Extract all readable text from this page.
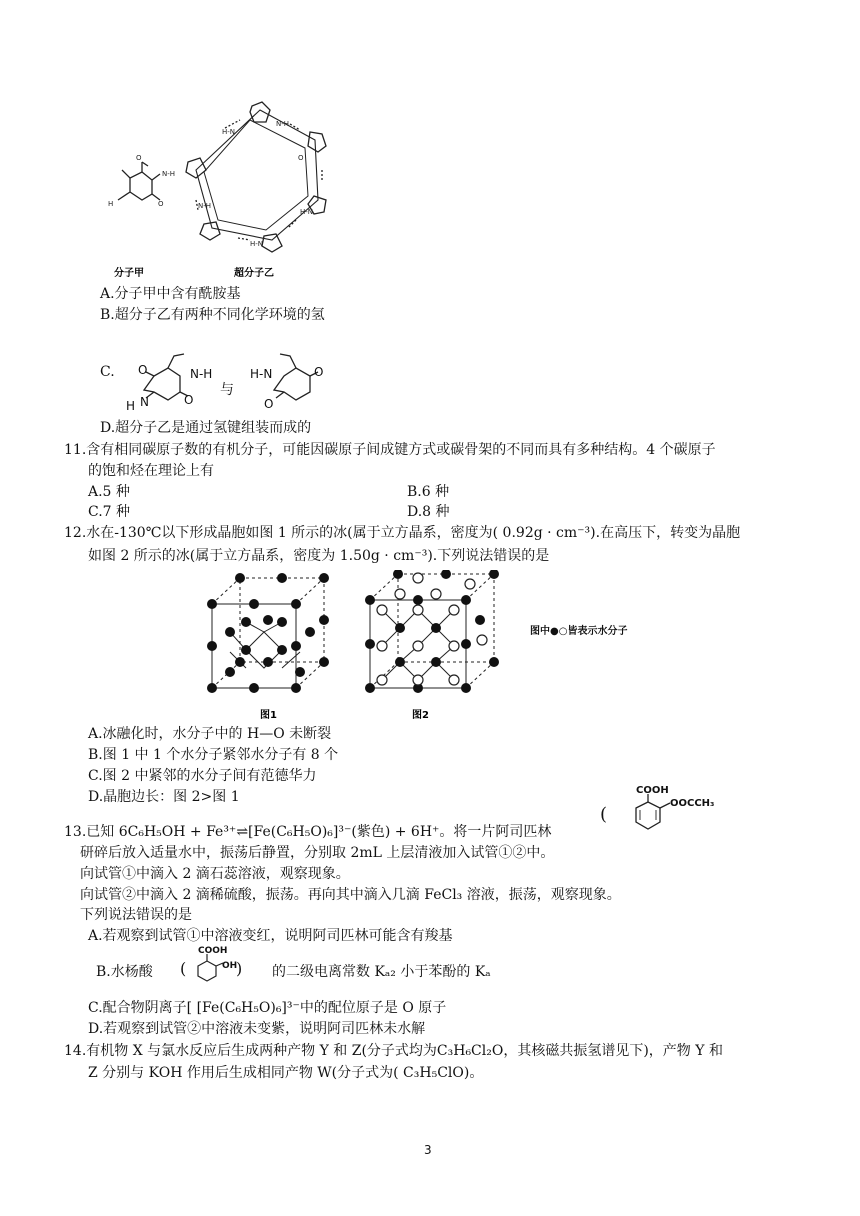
H
N-H
O
O
H-N
N-H
O
H-N
H-N
N-H
分子甲	超分子乙
A.分子甲中含有酰胺基
B.超分子乙有两种不同化学环境的氢
C. O	N-H
H N	O
H-N	O
O
与
D.超分子乙是通过氢键组装而成的
11.含有相同碳原子数的有机分子，可能因碳原子间成键方式或碳骨架的不同而具有多种结构。4 个碳原子
的饱和烃在理论上有
A.5 种	B.6 种
C.7 种	D.8 种
12.水在-130℃以下形成晶胞如图 1 所示的冰(属于立方晶系，密度为( 0.92g · cm⁻³).在高压下，转变为晶胞
如图 2 所示的冰(属于立方晶系，密度为 1.50g · cm⁻³).下列说法错误的是
图1	图2
图中●○皆表示水分子
A.冰融化时，水分子中的 H—O 未断裂
B.图 1 中 1 个水分子紧邻水分子有 8 个
C.图 2 中紧邻的水分子间有范德华力
D.晶胞边长：图 2>图 1
13.已知 6C₆H₅OH + Fe³⁺⇌[Fe(C₆H₅O)₆]³⁻(紫色) + 6H⁺。将一片阿司匹林
(
COOH
OOCCH₃
研碎后放入适量水中，振荡后静置，分别取 2mL 上层清液加入试管①②中。
向试管①中滴入 2 滴石蕊溶液，观察现象。
向试管②中滴入 2 滴稀硫酸，振荡。再向其中滴入几滴 FeCl₃ 溶液，振荡，观察现象。
下列说法错误的是
A.若观察到试管①中溶液变红，说明阿司匹林可能含有羧基
B.水杨酸 (
COOH
OH
) 的二级电离常数 Kₐ₂ 小于苯酚的 Kₐ
C.配合物阴离子[ [Fe(C₆H₅O)₆]³⁻中的配位原子是 O 原子
D.若观察到试管②中溶液未变紫，说明阿司匹林未水解
14.有机物 X 与氯水反应后生成两种产物 Y 和 Z(分子式均为C₃H₆Cl₂O，其核磁共振氢谱见下)，产物 Y 和
Z 分别与 KOH 作用后生成相同产物 W(分子式为( C₃H₅ClO)。
3
